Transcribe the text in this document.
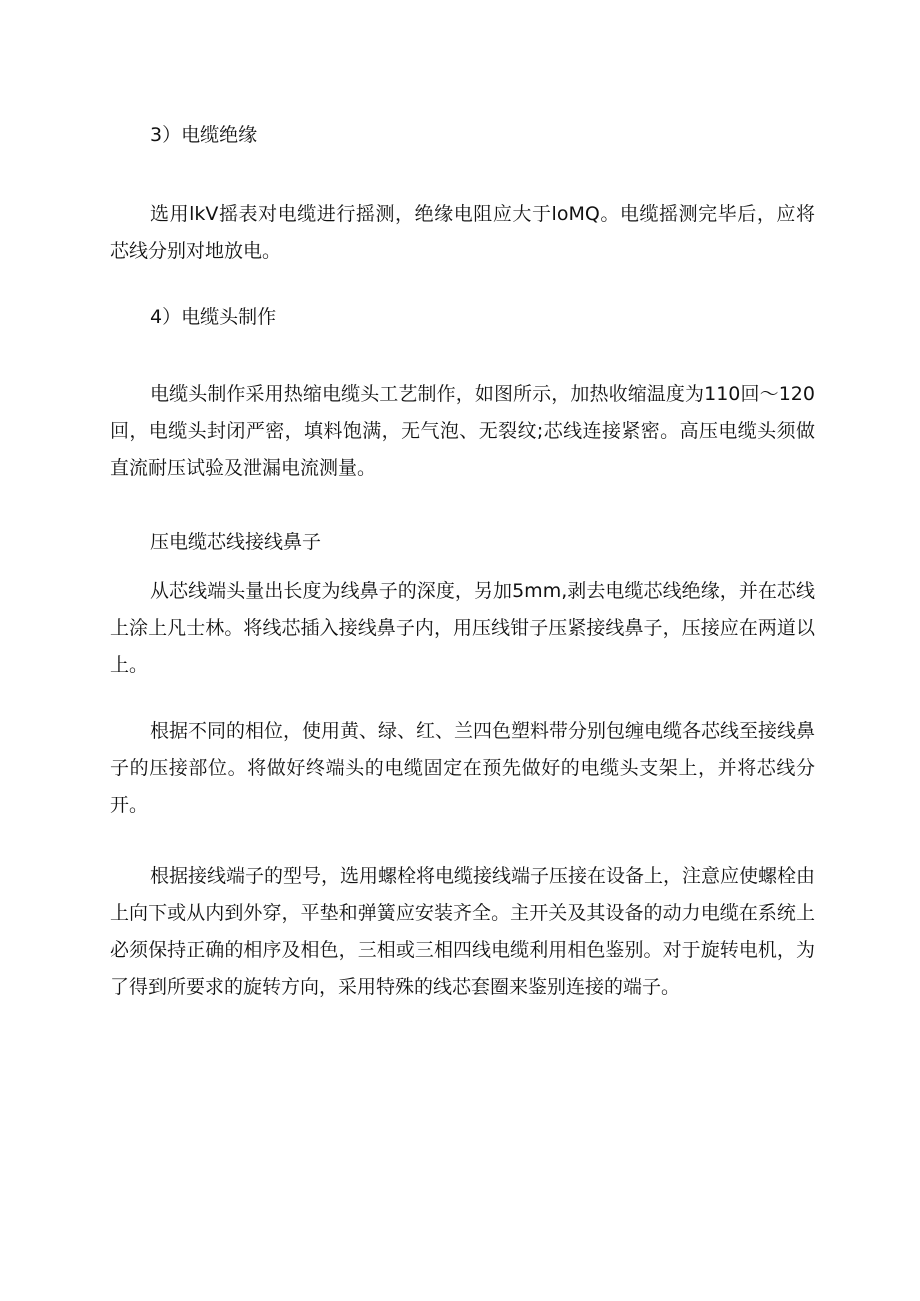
3）电缆绝缘
选用lkV摇表对电缆进行摇测，绝缘电阻应大于loMQ。电缆摇测完毕后，应将芯线分别对地放电。
4）电缆头制作
电缆头制作采用热缩电缆头工艺制作，如图所示，加热收缩温度为110回～120回，电缆头封闭严密，填料饱满，无气泡、无裂纹;芯线连接紧密。高压电缆头须做直流耐压试验及泄漏电流测量。
压电缆芯线接线鼻子
从芯线端头量出长度为线鼻子的深度，另加5mm,剥去电缆芯线绝缘，并在芯线上涂上凡士林。将线芯插入接线鼻子内，用压线钳子压紧接线鼻子，压接应在两道以上。
根据不同的相位，使用黄、绿、红、兰四色塑料带分别包缠电缆各芯线至接线鼻子的压接部位。将做好终端头的电缆固定在预先做好的电缆头支架上，并将芯线分开。
根据接线端子的型号，选用螺栓将电缆接线端子压接在设备上，注意应使螺栓由上向下或从内到外穿，平垫和弹簧应安装齐全。主开关及其设备的动力电缆在系统上必须保持正确的相序及相色，三相或三相四线电缆利用相色鉴别。对于旋转电机，为了得到所要求的旋转方向，采用特殊的线芯套圈来鉴别连接的端子。
